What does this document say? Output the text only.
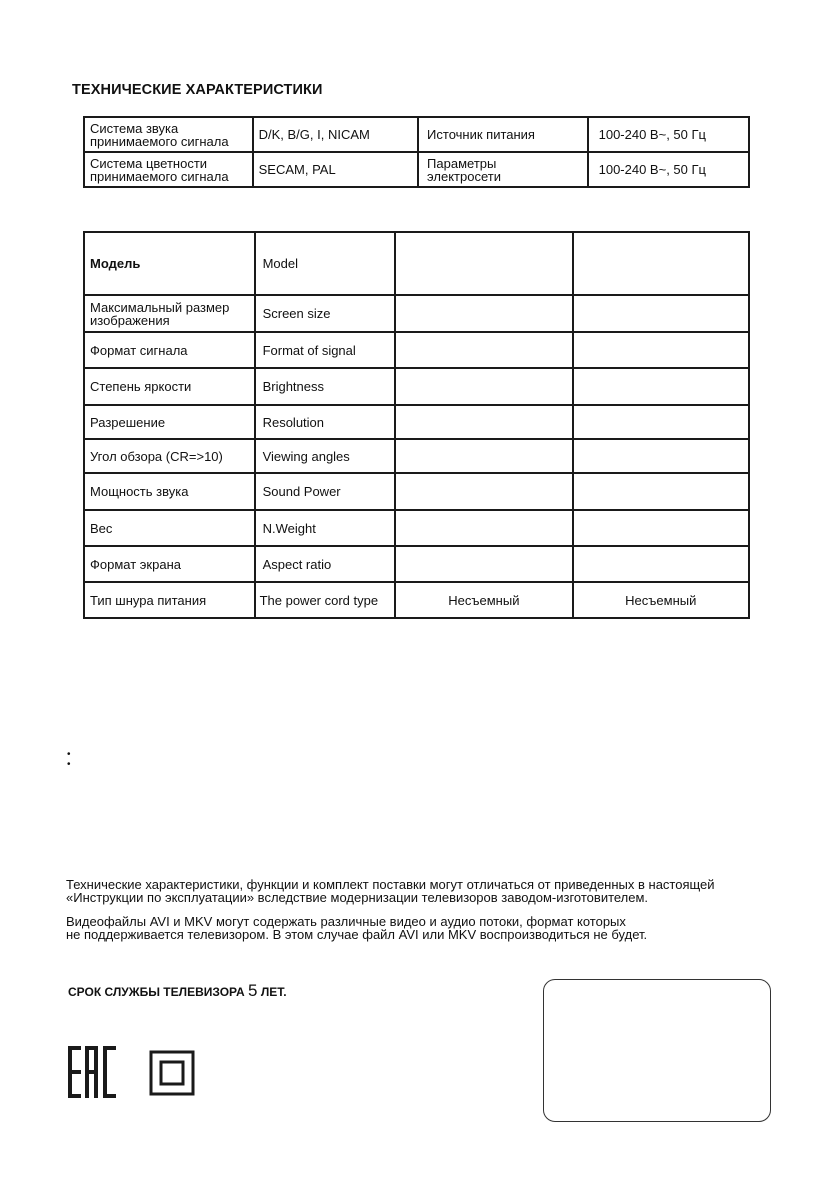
ТЕХНИЧЕСКИЕ ХАРАКТЕРИСТИКИ
Система звука
принимаемого сигнала	D/K, B/G, I, NICAM	Источник питания	100-240 В~, 50 Гц
Система цветности
принимаемого сигнала	SECAM, PAL	Параметры
электросети	100-240 В~, 50 Гц
Модель	Model		
Максимальный размер
изображения	Screen size		
Формат сигнала	Format of signal		
Степень яркости	Brightness		
Разрешение	Resolution		
Угол обзора (CR=>10)	Viewing angles		
Мощность звука	Sound Power		
Вес	N.Weight		
Формат экрана	Aspect ratio		
Тип шнура питания	The power cord type	Несъемный	Несъемный
•
•
Технические характеристики, функции и комплект поставки могут отличаться от приведенных в настоящей
«Инструкции по эксплуатации» вследствие модернизации телевизоров заводом-изготовителем.
Видеофайлы AVI и MKV могут содержать различные видео и аудио потоки, формат которых
не поддерживается телевизором. В этом случае файл AVI или MKV воспроизводиться не будет.
СРОК СЛУЖБЫ ТЕЛЕВИЗОРА 5 ЛЕТ.
